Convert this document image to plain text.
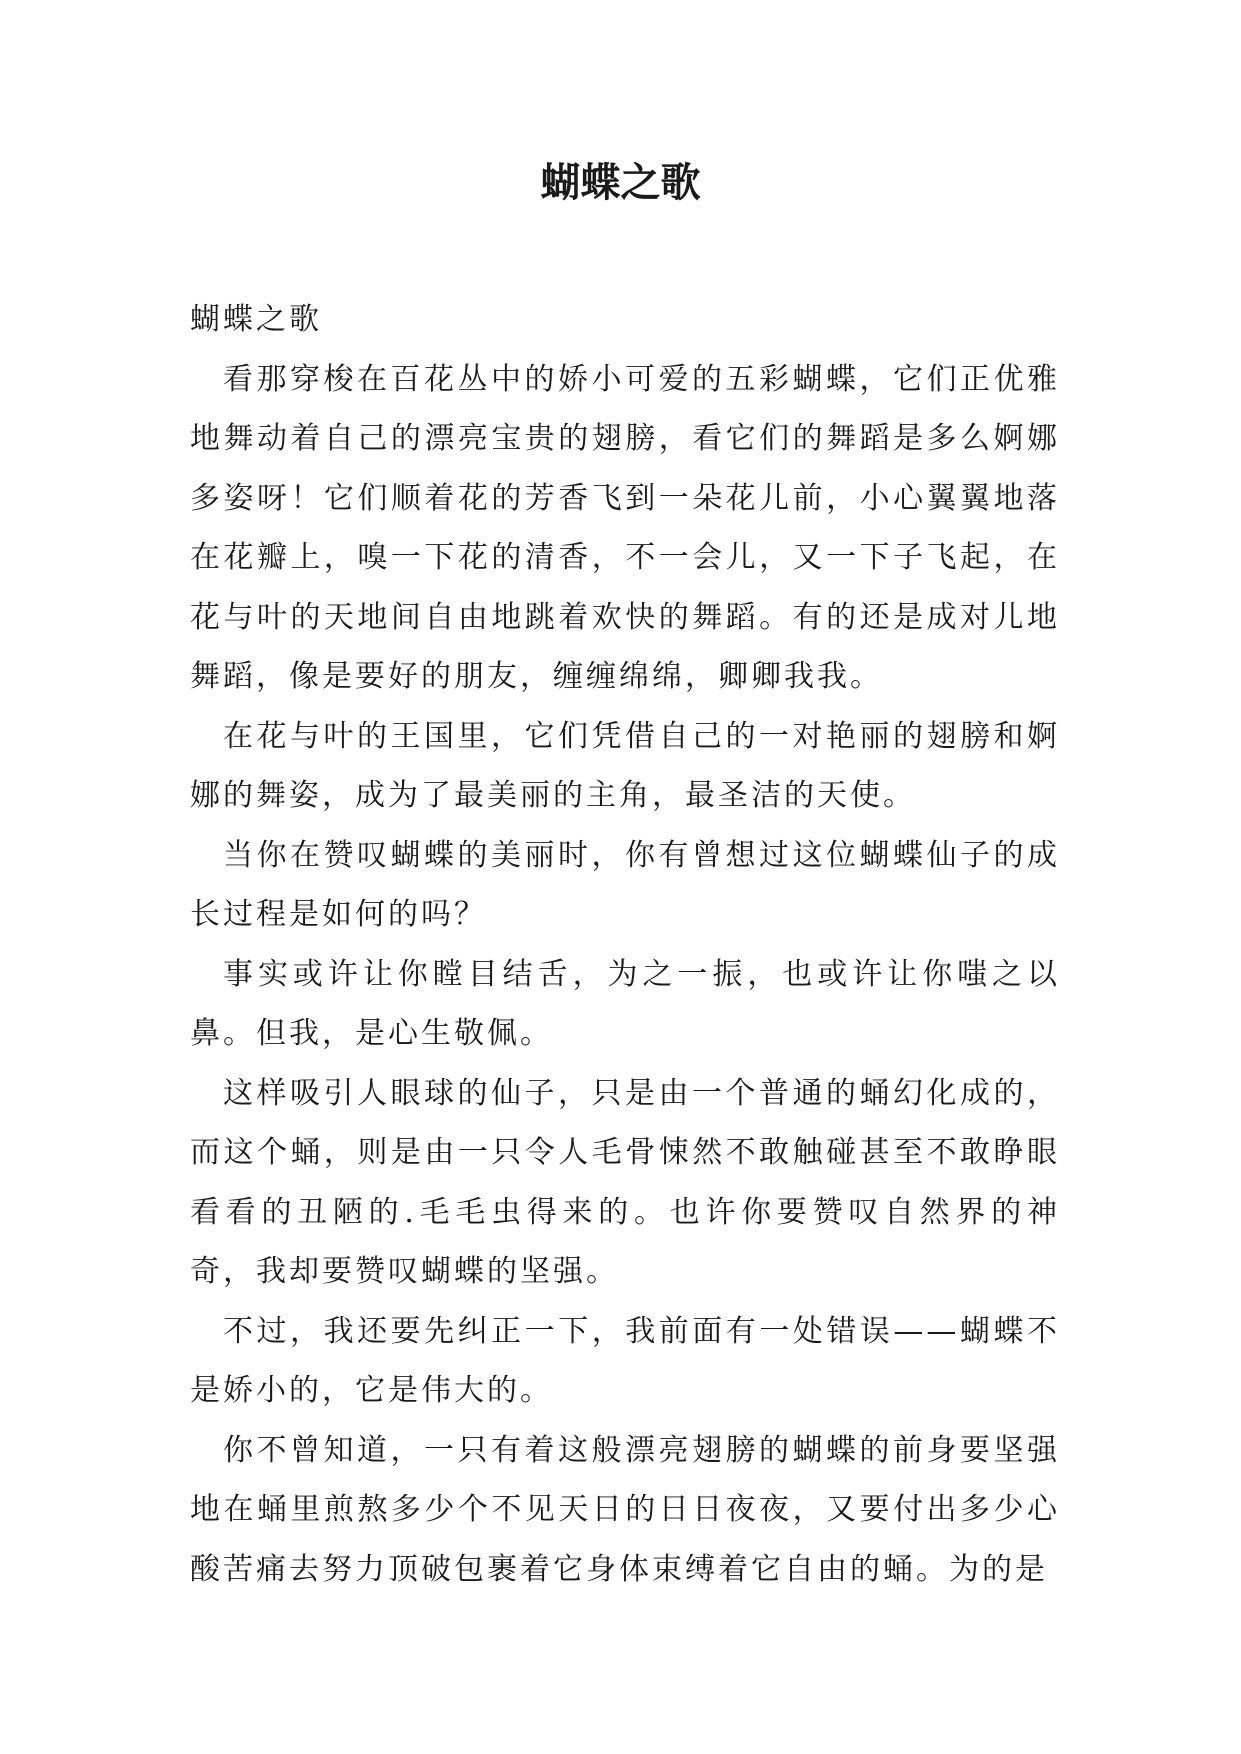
蝴蝶之歌

蝴蝶之歌

看那穿梭在百花丛中的娇小可爱的五彩蝴蝶，它们正优雅地舞动着自己的漂亮宝贵的翅膀，看它们的舞蹈是多么婀娜多姿呀！它们顺着花的芳香飞到一朵花儿前，小心翼翼地落在花瓣上，嗅一下花的清香，不一会儿，又一下子飞起，在花与叶的天地间自由地跳着欢快的舞蹈。有的还是成对儿地舞蹈，像是要好的朋友，缠缠绵绵，卿卿我我。

在花与叶的王国里，它们凭借自己的一对艳丽的翅膀和婀娜的舞姿，成为了最美丽的主角，最圣洁的天使。

当你在赞叹蝴蝶的美丽时，你有曾想过这位蝴蝶仙子的成长过程是如何的吗？

事实或许让你瞠目结舌，为之一振，也或许让你嗤之以鼻。但我，是心生敬佩。

这样吸引人眼球的仙子，只是由一个普通的蛹幻化成的，而这个蛹，则是由一只令人毛骨悚然不敢触碰甚至不敢睁眼看看的丑陋的.毛毛虫得来的。也许你要赞叹自然界的神奇，我却要赞叹蝴蝶的坚强。

不过，我还要先纠正一下，我前面有一处错误——蝴蝶不是娇小的，它是伟大的。

你不曾知道，一只有着这般漂亮翅膀的蝴蝶的前身要坚强地在蛹里煎熬多少个不见天日的日日夜夜，又要付出多少心酸苦痛去努力顶破包裹着它身体束缚着它自由的蛹。为的是
